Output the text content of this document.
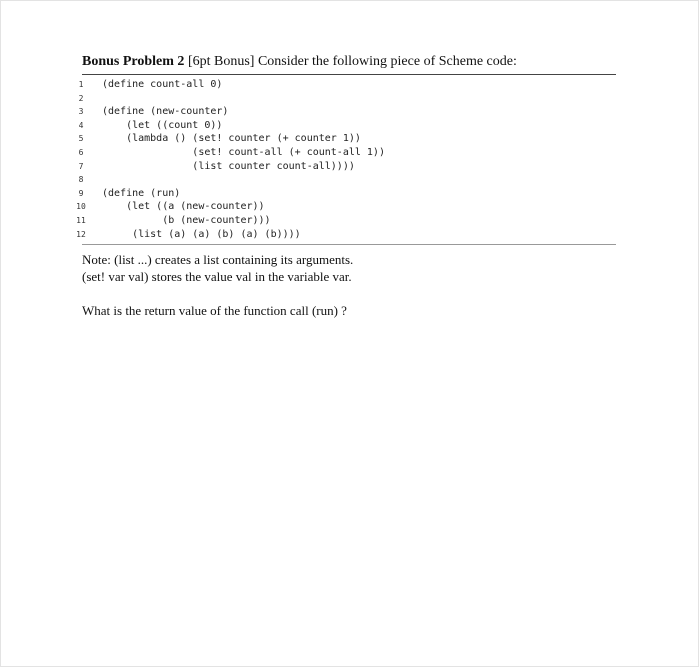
Bonus Problem 2 [6pt Bonus] Consider the following piece of Scheme code:
1	(define count-all 0)
2
3	(define (new-counter)
4	(let ((count 0))
5	(lambda () (set! counter (+ counter 1))
6	(set! count-all (+ count-all 1))
7	(list counter count-all))))
8
9	(define (run)
10 (let ((a (new-counter))
11 (b (new-counter)))
12 (list (a) (a) (b) (a) (b))))

Note: (list ...) creates a list containing its arguments.

(set! var val) stores the value val in the variable var.

What is the return value of the function call (run) ?
